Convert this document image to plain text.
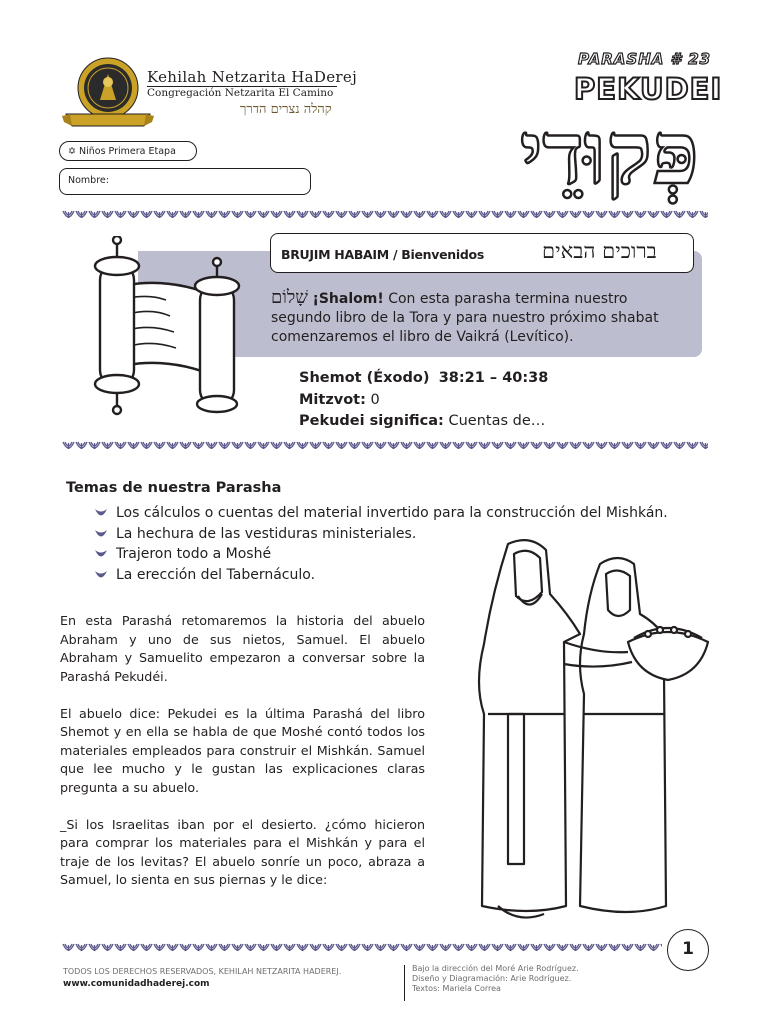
Kehilah Netzarita HaDerej
Congregación Netzarita El Camino
קהלה נצרים הדרך
✡ Niños Primera Etapa
Nombre:
PARASHA # 23
PEKUDEI
פְּקוּדֵי
BRUJIM HABAIM / Bienvenidos	ברוכים הבאים
שָׁלוֹם ¡Shalom! Con esta parasha termina nuestro segundo libro de la Tora y para nuestro próximo shabat comenzaremos el libro de Vaikrá (Levítico).
Shemot (Éxodo) 38:21 – 40:38
Mitzvot: 0
Pekudei significa: Cuentas de…
Temas de nuestra Parasha
Los cálculos o cuentas del material invertido para la construcción del Mishkán.
La hechura de las vestiduras ministeriales.
Trajeron todo a Moshé
La erección del Tabernáculo.

En esta Parashá retomaremos la historia del abuelo Abraham y uno de sus nietos, Samuel. El abuelo Abraham y Samuelito empezaron a conversar sobre la Parashá Pekudéi.

El abuelo dice: Pekudei es la última Parashá del libro Shemot y en ella se habla de que Moshé contó todos los materiales empleados para construir el Mishkán. Samuel que lee mucho y le gustan las explicaciones claras pregunta a su abuelo.

_Si los Israelitas iban por el desierto. ¿cómo hicieron para comprar los materiales para el Mishkán y para el traje de los levitas? El abuelo sonríe un poco, abraza a Samuel, lo sienta en sus piernas y le dice:

1
TODOS LOS DERECHOS RESERVADOS, KEHILAH NETZARITA HADEREJ.
www.comunidadhaderej.com
Bajo la dirección del Moré Arie Rodríguez.
Diseño y Diagramación: Arie Rodríguez.
Textos: Mariela Correa
